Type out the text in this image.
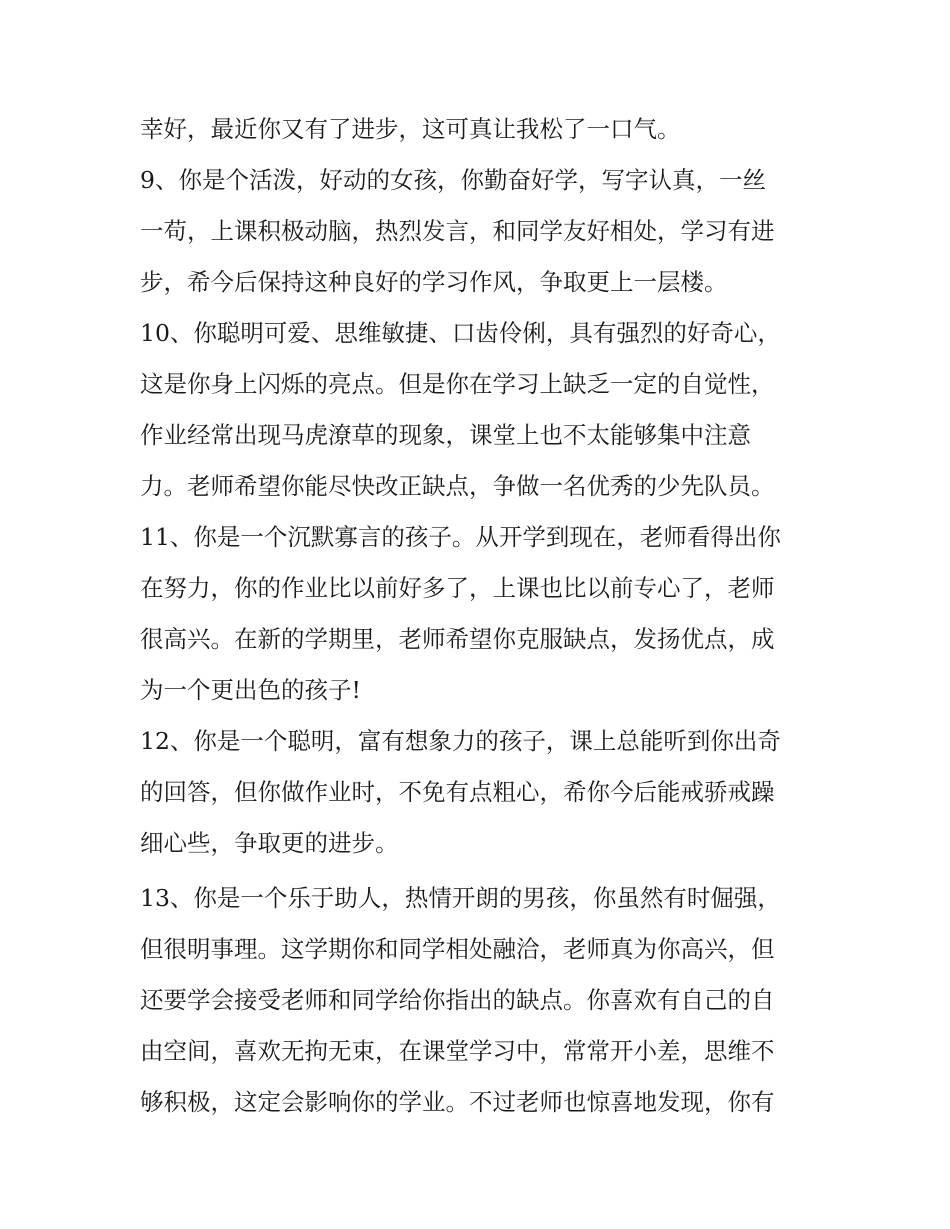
幸好，最近你又有了进步，这可真让我松了一口气。
9、你是个活泼，好动的女孩，你勤奋好学，写字认真，一丝
一苟，上课积极动脑，热烈发言，和同学友好相处，学习有进
步，希今后保持这种良好的学习作风，争取更上一层楼。
10、你聪明可爱、思维敏捷、口齿伶俐，具有强烈的好奇心，
这是你身上闪烁的亮点。但是你在学习上缺乏一定的自觉性，
作业经常出现马虎潦草的现象，课堂上也不太能够集中注意
力。老师希望你能尽快改正缺点，争做一名优秀的少先队员。
11、你是一个沉默寡言的孩子。从开学到现在，老师看得出你
在努力，你的作业比以前好多了，上课也比以前专心了，老师
很高兴。在新的学期里，老师希望你克服缺点，发扬优点，成
为一个更出色的孩子!
12、你是一个聪明，富有想象力的孩子，课上总能听到你出奇
的回答，但你做作业时，不免有点粗心，希你今后能戒骄戒躁
细心些，争取更的进步。
13、你是一个乐于助人，热情开朗的男孩，你虽然有时倔强，
但很明事理。这学期你和同学相处融洽，老师真为你高兴，但
还要学会接受老师和同学给你指出的缺点。你喜欢有自己的自
由空间，喜欢无拘无束，在课堂学习中，常常开小差，思维不
够积极，这定会影响你的学业。不过老师也惊喜地发现，你有
